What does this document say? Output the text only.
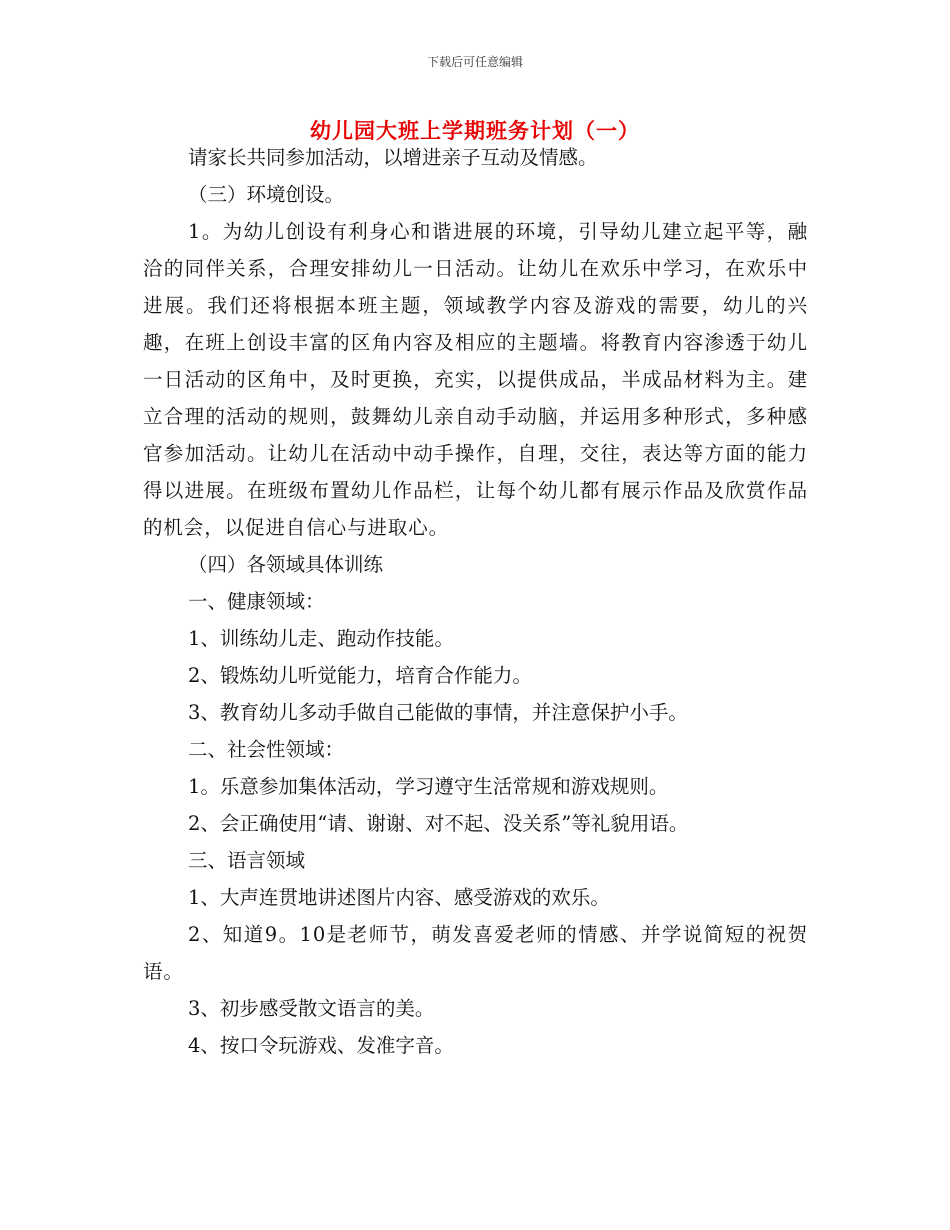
下载后可任意编辑
幼儿园大班上学期班务计划（一）

请家长共同参加活动，以增进亲子互动及情感。

（三）环境创设。

1。为幼儿创设有利身心和谐进展的环境，引导幼儿建立起平等，融洽的同伴关系，合理安排幼儿一日活动。让幼儿在欢乐中学习，在欢乐中进展。我们还将根据本班主题，领域教学内容及游戏的需要，幼儿的兴趣，在班上创设丰富的区角内容及相应的主题墙。将教育内容渗透于幼儿一日活动的区角中，及时更换，充实，以提供成品，半成品材料为主。建立合理的活动的规则，鼓舞幼儿亲自动手动脑，并运用多种形式，多种感官参加活动。让幼儿在活动中动手操作，自理，交往，表达等方面的能力得以进展。在班级布置幼儿作品栏，让每个幼儿都有展示作品及欣赏作品的机会，以促进自信心与进取心。

（四）各领域具体训练

一、健康领域：

1、训练幼儿走、跑动作技能。

2、锻炼幼儿听觉能力，培育合作能力。

3、教育幼儿多动手做自己能做的事情，并注意保护小手。

二、社会性领域：

1。乐意参加集体活动，学习遵守生活常规和游戏规则。

2、会正确使用“请、谢谢、对不起、没关系”等礼貌用语。

三、语言领域

1、大声连贯地讲述图片内容、感受游戏的欢乐。

2、知道9。10是老师节，萌发喜爱老师的情感、并学说简短的祝贺语。

3、初步感受散文语言的美。

4、按口令玩游戏、发准字音。
